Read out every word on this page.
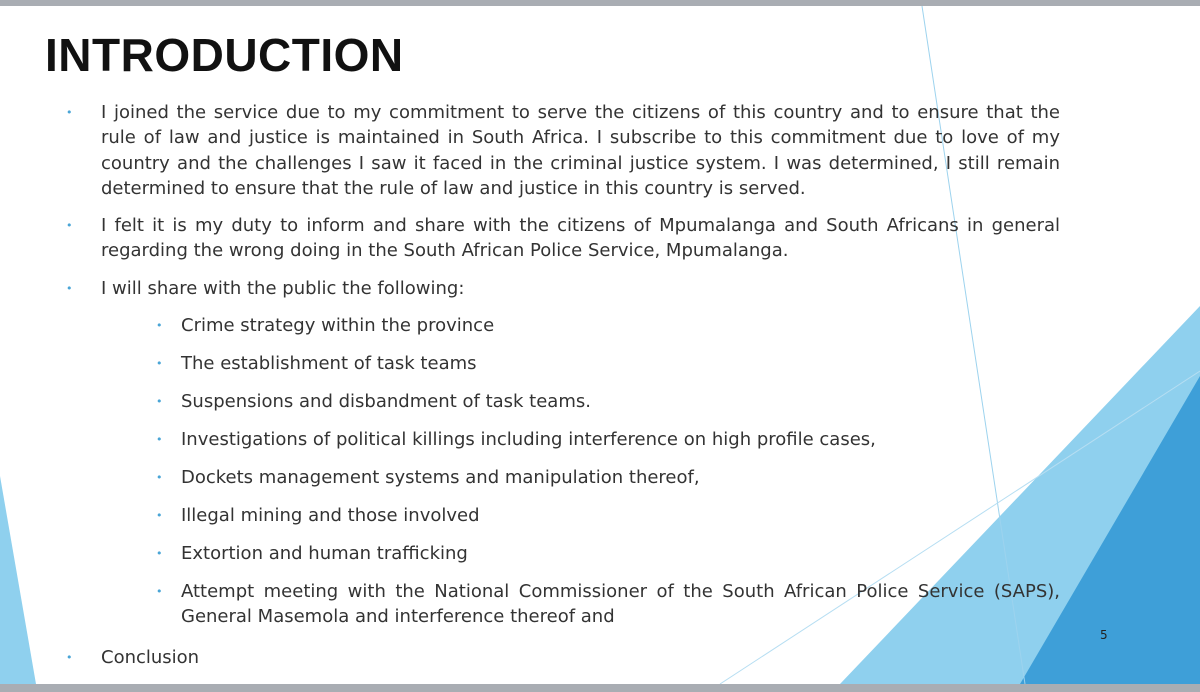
INTRODUCTION
• I joined the service due to my commitment to serve the citizens of this country and to ensure that the rule of law and justice is maintained in South Africa. I subscribe to this commitment due to love of my country and the challenges I saw it faced in the criminal justice system. I was determined, I still remain determined to ensure that the rule of law and justice in this country is served.
• I felt it is my duty to inform and share with the citizens of Mpumalanga and South Africans in general regarding the wrong doing in the South African Police Service, Mpumalanga.
• I will share with the public the following:
• Crime strategy within the province
• The establishment of task teams
• Suspensions and disbandment of task teams.
• Investigations of political killings including interference on high profile cases,
• Dockets management systems and manipulation thereof,
• Illegal mining and those involved
• Extortion and human trafficking
• Attempt meeting with the National Commissioner of the South African Police Service (SAPS), General Masemola and interference thereof and
• Conclusion
5
